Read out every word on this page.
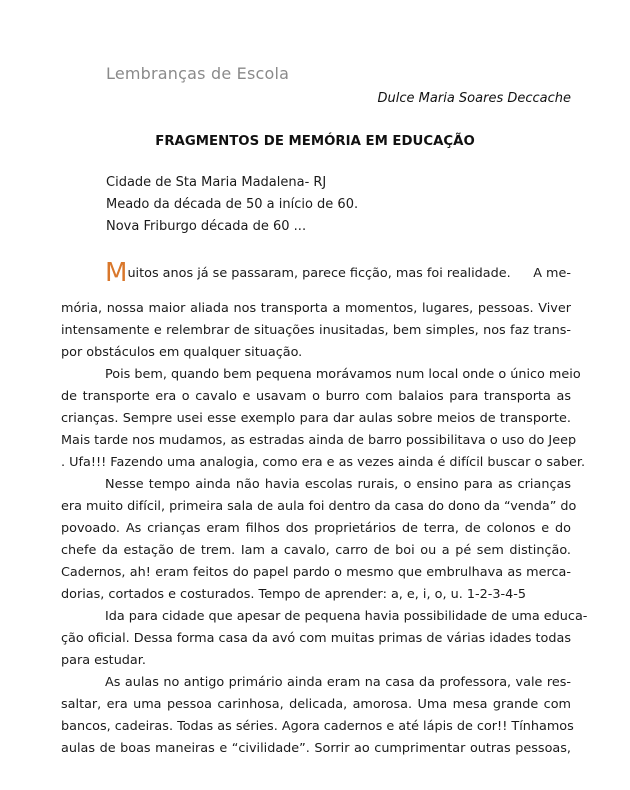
Lembranças de Escola
Dulce Maria Soares Deccache
FRAGMENTOS DE MEMÓRIA EM EDUCAÇÃO
Cidade de Sta Maria Madalena- RJ
Meado da década de 50 a início de 60.
Nova Friburgo década de 60 ...
Muitos anos já se passaram, parece ficção, mas foi realidade. A me-
mória, nossa maior aliada nos transporta a momentos, lugares, pessoas. Viver
intensamente e relembrar de situações inusitadas, bem simples, nos faz trans-
por obstáculos em qualquer situação.
Pois bem, quando bem pequena morávamos num local onde o único meio
de transporte era o cavalo e usavam o burro com balaios para transporta as
crianças. Sempre usei esse exemplo para dar aulas sobre meios de transporte.
Mais tarde nos mudamos, as estradas ainda de barro possibilitava o uso do Jeep
. Ufa!!! Fazendo uma analogia, como era e as vezes ainda é difícil buscar o saber.
Nesse tempo ainda não havia escolas rurais, o ensino para as crianças
era muito difícil, primeira sala de aula foi dentro da casa do dono da “venda” do
povoado. As crianças eram filhos dos proprietários de terra, de colonos e do
chefe da estação de trem. Iam a cavalo, carro de boi ou a pé sem distinção.
Cadernos, ah! eram feitos do papel pardo o mesmo que embrulhava as merca-
dorias, cortados e costurados. Tempo de aprender: a, e, i, o, u. 1-2-3-4-5
Ida para cidade que apesar de pequena havia possibilidade de uma educa-
ção oficial. Dessa forma casa da avó com muitas primas de várias idades todas
para estudar.
As aulas no antigo primário ainda eram na casa da professora, vale res-
saltar, era uma pessoa carinhosa, delicada, amorosa. Uma mesa grande com
bancos, cadeiras. Todas as séries. Agora cadernos e até lápis de cor!! Tínhamos
aulas de boas maneiras e “civilidade”. Sorrir ao cumprimentar outras pessoas,
